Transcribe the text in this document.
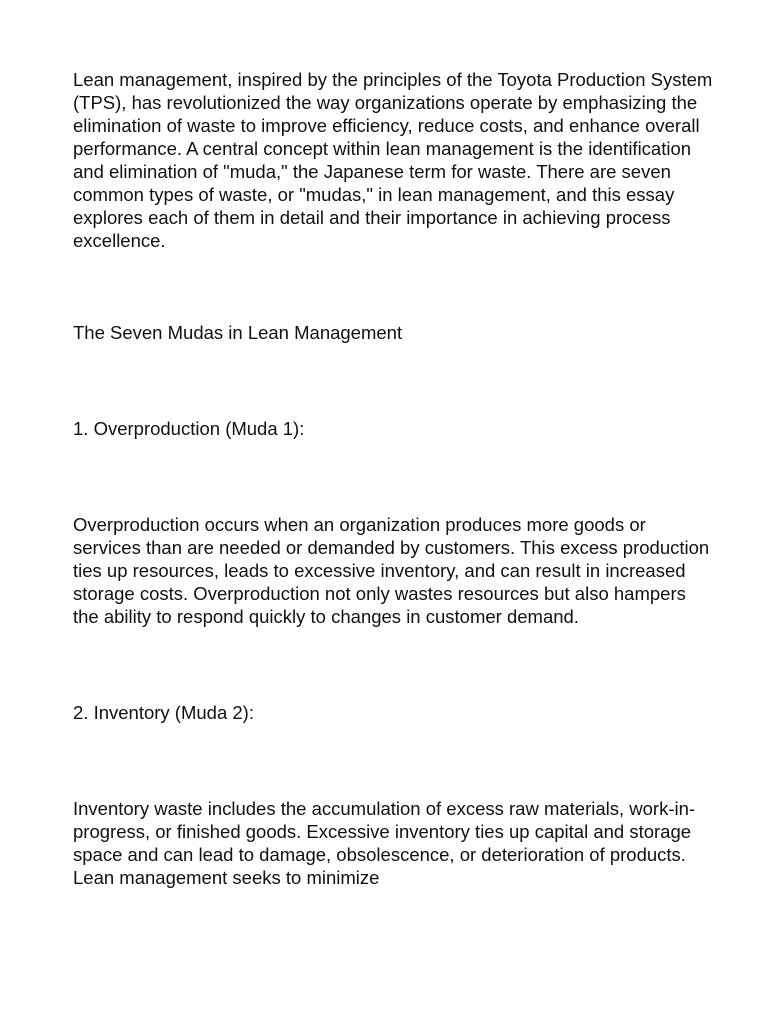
Lean management, inspired by the principles of the Toyota Production System (TPS), has revolutionized the way organizations operate by emphasizing the elimination of waste to improve efficiency, reduce costs, and enhance overall performance. A central concept within lean management is the identification and elimination of "muda," the Japanese term for waste. There are seven common types of waste, or "mudas," in lean management, and this essay explores each of them in detail and their importance in achieving process excellence.

The Seven Mudas in Lean Management

1. Overproduction (Muda 1):

Overproduction occurs when an organization produces more goods or services than are needed or demanded by customers. This excess production ties up resources, leads to excessive inventory, and can result in increased storage costs. Overproduction not only wastes resources but also hampers the ability to respond quickly to changes in customer demand.

2. Inventory (Muda 2):

Inventory waste includes the accumulation of excess raw materials, work-in-progress, or finished goods. Excessive inventory ties up capital and storage space and can lead to damage, obsolescence, or deterioration of products. Lean management seeks to minimize
